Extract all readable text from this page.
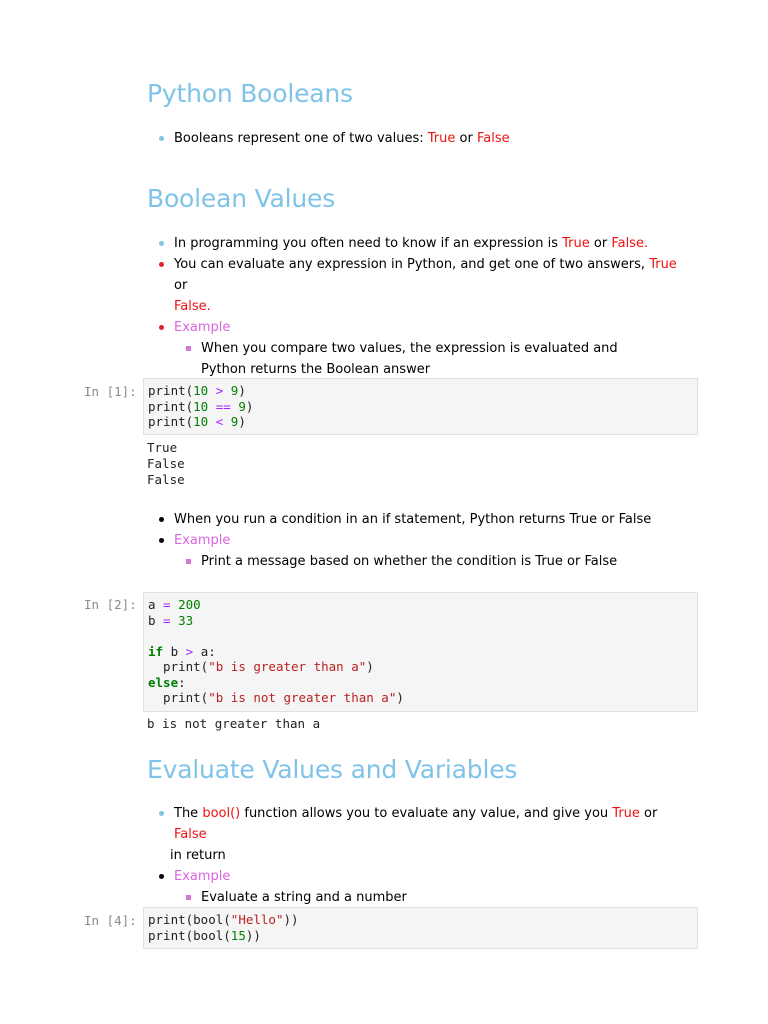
Python Booleans
Booleans represent one of two values: True or False
Boolean Values
In programming you often need to know if an expression is True or False.
You can evaluate any expression in Python, and get one of two answers, True or
False.
Example
When you compare two values, the expression is evaluated and Python returns the Boolean answer
In [1]: print(10 > 9)
print(10 == 9)
print(10 < 9)
True
False
False
When you run a condition in an if statement, Python returns True or False
Example
Print a message based on whether the condition is True or False
In [2]: a = 200
b = 33

if b > a:
print("b is greater than a")
else:
print("b is not greater than a")
b is not greater than a
Evaluate Values and Variables
The bool() function allows you to evaluate any value, and give you True or False
in return
Example
Evaluate a string and a number
In [4]: print(bool("Hello"))
print(bool(15))
